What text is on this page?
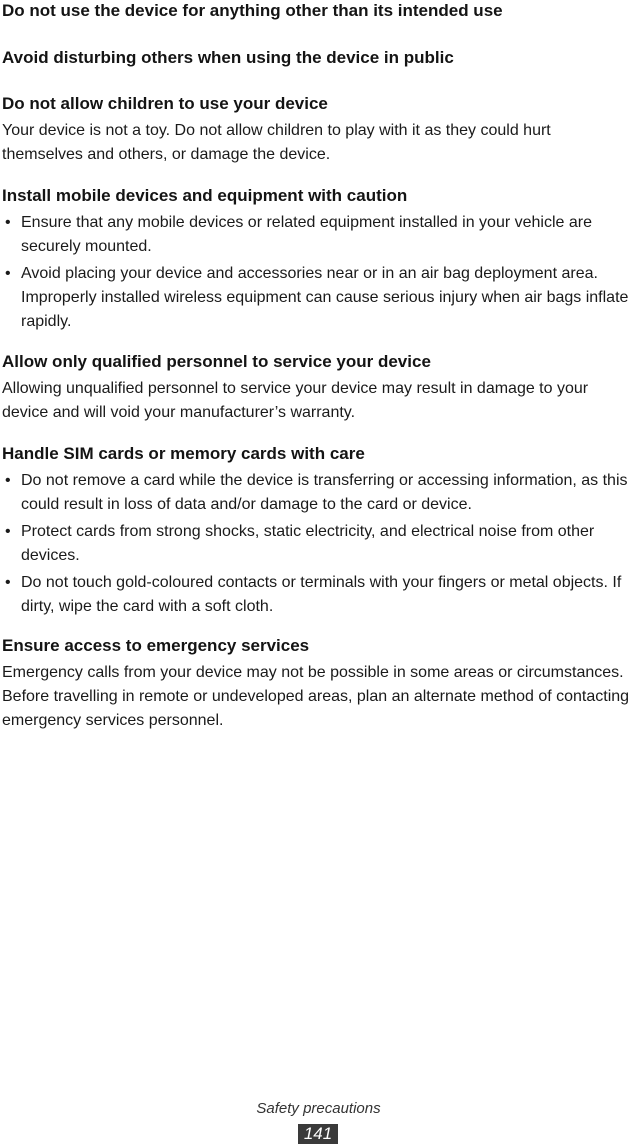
Do not use the device for anything other than its intended use
Avoid disturbing others when using the device in public
Do not allow children to use your device

Your device is not a toy. Do not allow children to play with it as they could hurt themselves and others, or damage the device.

Install mobile devices and equipment with caution
• Ensure that any mobile devices or related equipment installed in your vehicle are securely mounted.
• Avoid placing your device and accessories near or in an air bag deployment area. Improperly installed wireless equipment can cause serious injury when air bags inflate rapidly.
Allow only qualified personnel to service your device

Allowing unqualified personnel to service your device may result in damage to your device and will void your manufacturer’s warranty.

Handle SIM cards or memory cards with care
• Do not remove a card while the device is transferring or accessing information, as this could result in loss of data and/or damage to the card or device.
• Protect cards from strong shocks, static electricity, and electrical noise from other devices.
• Do not touch gold-coloured contacts or terminals with your fingers or metal objects. If dirty, wipe the card with a soft cloth.
Ensure access to emergency services

Emergency calls from your device may not be possible in some areas or circumstances. Before travelling in remote or undeveloped areas, plan an alternate method of contacting emergency services personnel.

Safety precautions
141
